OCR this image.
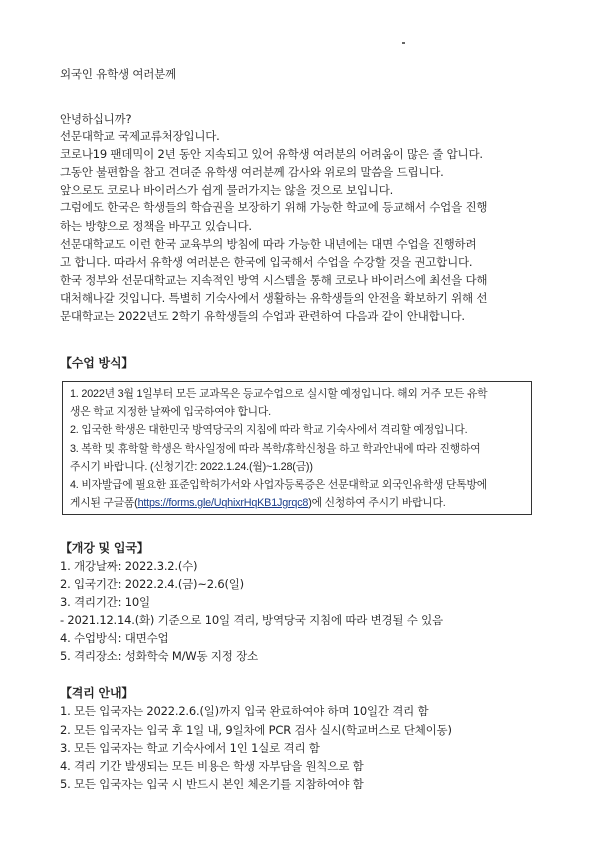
외국인 유학생 여러분께
안녕하십니까?
선문대학교 국제교류처장입니다.
코로나19 팬데믹이 2년 동안 지속되고 있어 유학생 여러분의 어려움이 많은 줄 압니다.
그동안 불편함을 참고 견뎌준 유학생 여러분께 감사와 위로의 말씀을 드립니다.
앞으로도 코로나 바이러스가 쉽게 물러가지는 않을 것으로 보입니다.
그럼에도 한국은 학생들의 학습권을 보장하기 위해 가능한 학교에 등교해서 수업을 진행
하는 방향으로 정책을 바꾸고 있습니다.
선문대학교도 이런 한국 교육부의 방침에 따라 가능한 내년에는 대면 수업을 진행하려
고 합니다. 따라서 유학생 여러분은 한국에 입국해서 수업을 수강할 것을 권고합니다.
한국 정부와 선문대학교는 지속적인 방역 시스템을 통해 코로나 바이러스에 최선을 다해
대처해나갈 것입니다. 특별히 기숙사에서 생활하는 유학생들의 안전을 확보하기 위해 선
문대학교는 2022년도 2학기 유학생들의 수업과 관련하여 다음과 같이 안내합니다.
【수업 방식】
1. 2022년 3월 1일부터 모든 교과목은 등교수업으로 실시할 예정입니다. 해외 거주 모든 유학
생은 학교 지정한 날짜에 입국하여야 합니다.
2. 입국한 학생은 대한민국 방역당국의 지침에 따라 학교 기숙사에서 격리할 예정입니다.
3. 복학 및 휴학할 학생은 학사일정에 따라 복학/휴학신청을 하고 학과안내에 따라 진행하여
주시기 바랍니다. (신청기간: 2022.1.24.(월)~1.28(금))
4. 비자발급에 필요한 표준입학허가서와 사업자등록증은 선문대학교 외국인유학생 단톡방에
게시된 구글폼(https://forms.gle/UqhixrHqKB1Jgrqc8)에 신청하여 주시기 바랍니다.
【개강 및 입국】
1. 개강날짜: 2022.3.2.(수)
2. 입국기간: 2022.2.4.(금)~2.6(일)
3. 격리기간: 10일
- 2021.12.14.(화) 기준으로 10일 격리, 방역당국 지침에 따라 변경될 수 있음
4. 수업방식: 대면수업
5. 격리장소: 성화학숙 M/W동 지정 장소
【격리 안내】
1. 모든 입국자는 2022.2.6.(일)까지 입국 완료하여야 하며 10일간 격리 함
2. 모든 입국자는 입국 후 1일 내, 9일차에 PCR 검사 실시(학교버스로 단체이동)
3. 모든 입국자는 학교 기숙사에서 1인 1실로 격리 함
4. 격리 기간 발생되는 모든 비용은 학생 자부담을 원칙으로 함
5. 모든 입국자는 입국 시 반드시 본인 체온기를 지참하여야 함
